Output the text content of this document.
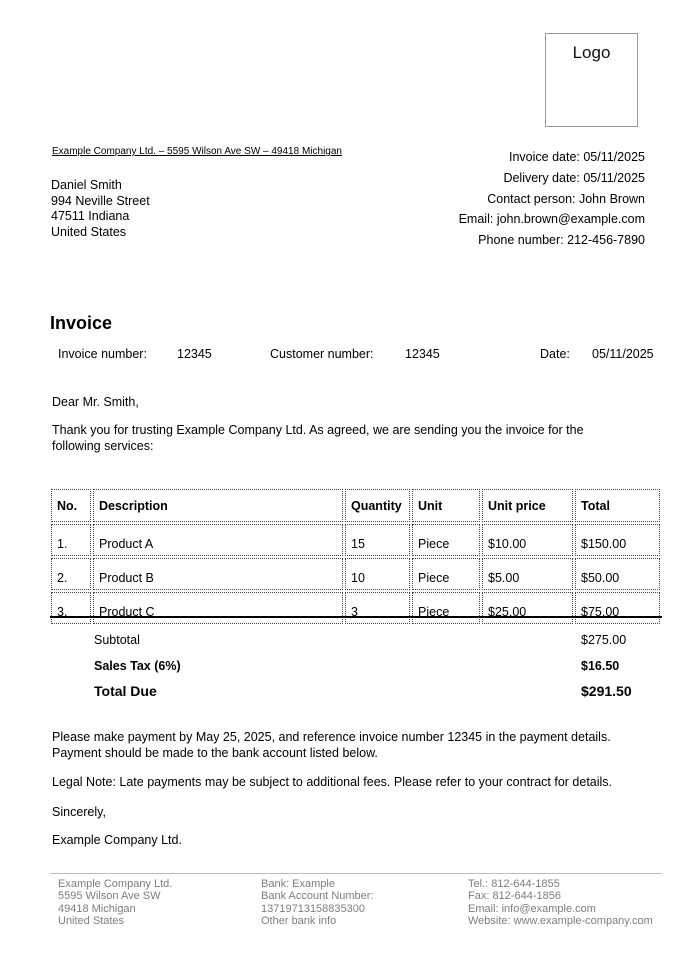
Logo
Example Company Ltd. – 5595 Wilson Ave SW – 49418 Michigan
Daniel Smith
994 Neville Street
47511 Indiana
United States
Invoice date: 05/11/2025
Delivery date: 05/11/2025
Contact person: John Brown
Email: john.brown@example.com
Phone number: 212-456-7890
Invoice
Invoice number:	12345	Customer number:	12345	Date:	05/11/2025
Dear Mr. Smith,
Thank you for trusting Example Company Ltd. As agreed, we are sending you the invoice for the
following services:
No.	Description	Quantity	Unit	Unit price	Total
1.	Product A	15	Piece	$10.00	$150.00
2.	Product B	10	Piece	$5.00	$50.00
3.	Product C	3	Piece	$25.00	$75.00
Subtotal	$275.00
Sales Tax (6%)	$16.50
Total Due	$291.50
Please make payment by May 25, 2025, and reference invoice number 12345 in the payment details.
Payment should be made to the bank account listed below.
Legal Note: Late payments may be subject to additional fees. Please refer to your contract for details.
Sincerely,
Example Company Ltd.
Example Company Ltd.
5595 Wilson Ave SW
49418 Michigan
United States
Bank: Example
Bank Account Number:
13719713158835300
Other bank info
Tel.: 812-644-1855
Fax: 812-644-1856
Email: info@example.com
Website: www.example-company.com
